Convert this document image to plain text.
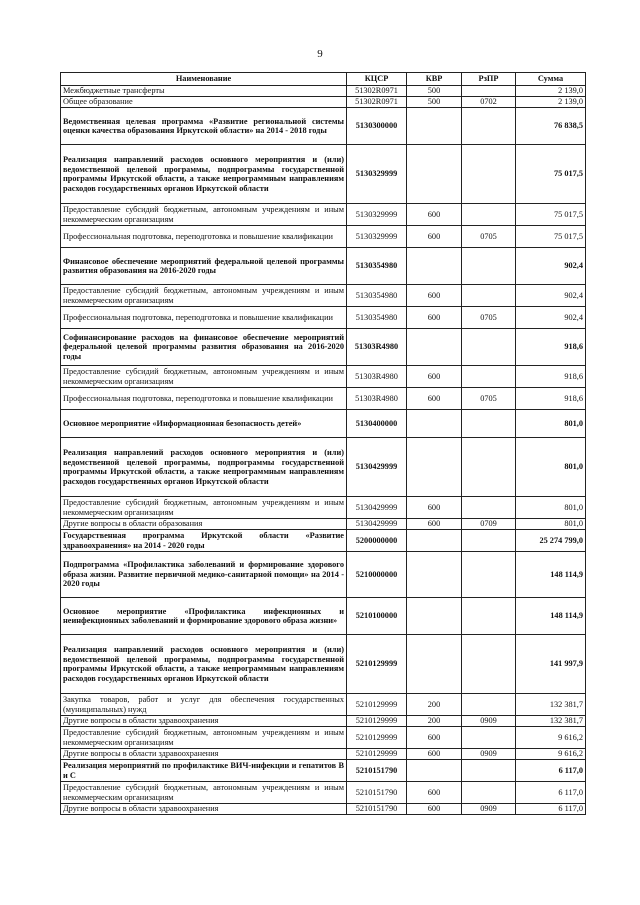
9
Наименование	КЦСР	КВР	РзПР	Сумма
Межбюджетные трансферты	51302R0971	500		2 139,0
Общее образование	51302R0971	500	0702	2 139,0
Ведомственная целевая программа «Развитие региональной системы оценки качества образования Иркутской области» на 2014 - 2018 годы	5130300000			76 838,5
Реализация направлений расходов основного мероприятия и (или) ведомственной целевой программы, подпрограммы государственной программы Иркутской области, а также непрограммным направлениям расходов государственных органов Иркутской области	5130329999			75 017,5
Предоставление субсидий бюджетным, автономным учреждениям и иным некоммерческим организациям	5130329999	600		75 017,5
Профессиональная подготовка, переподготовка и повышение квалификации	5130329999	600	0705	75 017,5
Финансовое обеспечение мероприятий федеральной целевой программы развития образования на 2016-2020 годы	5130354980			902,4
Предоставление субсидий бюджетным, автономным учреждениям и иным некоммерческим организациям	5130354980	600		902,4
Профессиональная подготовка, переподготовка и повышение квалификации	5130354980	600	0705	902,4
Софинансирование расходов на финансовое обеспечение мероприятий федеральной целевой программы развития образования на 2016-2020 годы	51303R4980			918,6
Предоставление субсидий бюджетным, автономным учреждениям и иным некоммерческим организациям	51303R4980	600		918,6
Профессиональная подготовка, переподготовка и повышение квалификации	51303R4980	600	0705	918,6
Основное мероприятие «Информационная безопасность детей»	5130400000			801,0
Реализация направлений расходов основного мероприятия и (или) ведомственной целевой программы, подпрограммы государственной программы Иркутской области, а также непрограммным направлениям расходов государственных органов Иркутской области	5130429999			801,0
Предоставление субсидий бюджетным, автономным учреждениям и иным некоммерческим организациям	5130429999	600		801,0
Другие вопросы в области образования	5130429999	600	0709	801,0
Государственная программа Иркутской области «Развитие здравоохранения» на 2014 - 2020 годы	5200000000			25 274 799,0
Подпрограмма «Профилактика заболеваний и формирование здорового образа жизни. Развитие первичной медико-санитарной помощи» на 2014 - 2020 годы	5210000000			148 114,9
Основное мероприятие «Профилактика инфекционных и неинфекционных заболеваний и формирование здорового образа жизни»	5210100000			148 114,9
Реализация направлений расходов основного мероприятия и (или) ведомственной целевой программы, подпрограммы государственной программы Иркутской области, а также непрограммным направлениям расходов государственных органов Иркутской области	5210129999			141 997,9
Закупка товаров, работ и услуг для обеспечения государственных (муниципальных) нужд	5210129999	200		132 381,7
Другие вопросы в области здравоохранения	5210129999	200	0909	132 381,7
Предоставление субсидий бюджетным, автономным учреждениям и иным некоммерческим организациям	5210129999	600		9 616,2
Другие вопросы в области здравоохранения	5210129999	600	0909	9 616,2
Реализация мероприятий по профилактике ВИЧ-инфекции и гепатитов В и С	5210151790			6 117,0
Предоставление субсидий бюджетным, автономным учреждениям и иным некоммерческим организациям	5210151790	600		6 117,0
Другие вопросы в области здравоохранения	5210151790	600	0909	6 117,0
